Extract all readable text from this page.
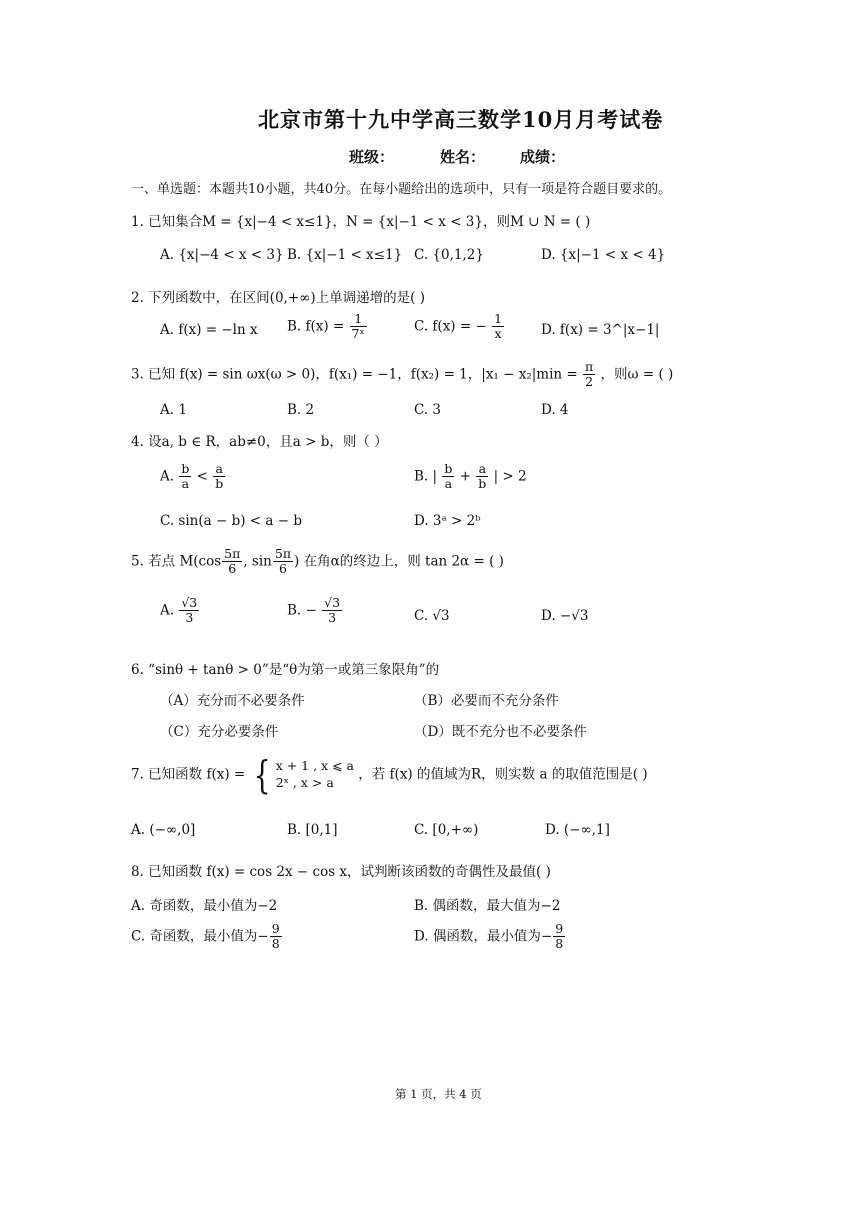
北京市第十九中学高三数学10月月考试卷
班级：	姓名： 成绩：
一、单选题：本题共10小题，共40分。在每小题给出的选项中，只有一项是符合题目要求的。
1. 已知集合M = {x|−4 < x≤1}，N = {x|−1 < x < 3}，则M ∪ N = ( )
A. {x|−4 < x < 3} B. {x|−1 < x≤1} C. {0,1,2}	D. {x|−1 < x < 4}
2. 下列函数中，在区间(0,+∞)上单调递增的是( )
A. f(x) = −ln x B. $f(x) = \frac{1}{\text{7ˣ}}$	C. f(x) = − $\frac{1}{x}$	D. f(x) = 3^|x−1|
3. 已知 f(x) = sin ωx(ω > 0)，f(x₁) = −1，f(x₂) = 1，$|x_1 - x_2|\min = \frac{\pi}{2}$ ，则ω = ( )
A. 1	B. 2	C. 3	D. 4
4. 设a, b ∈ R，ab≠0，且a > b，则（ ）
A. $\frac{b}{a} < \frac{a}{b}$	B. | $\frac{b}{a} + \frac{a}{b}$ | > 2
C. sin(a − b) < a − b	D. 3ᵃ > 2ᵇ
5. 若点 $M(\cos \frac{5\pi}{6}$ , $\sin \frac{5\pi}{6}$ ) 在角α的终边上，则 tan 2α = ( )
A. $\frac{√3}{3}$	B. − $\frac{√3}{3}$	C. √3	D. −√3
6. “sinθ + tanθ > 0”是“θ为第一或第三象限角”的
（A）充分而不必要条件	（B）必要而不充分条件
（C）充分必要条件	（D）既不充分也不必要条件
7. 已知函数 f(x) = { x + 1 , x ⩽ a
2ˣ , x > a	，若 f(x) 的值域为R，则实数 a 的取值范围是( )
A. (−∞,0]	B. [0,1]	C. [0,+∞)	D. (−∞,1]
8. 已知函数 f(x) = cos 2x − cos x，试判断该函数的奇偶性及最值( )
A. 奇函数，最小值为−2	B. 偶函数，最大值为−2
C. 奇函数，最小值为− $\frac{9}{8}$	D. 偶函数，最小值为− $\frac{9}{8}$
第 1 页，共 4 页
